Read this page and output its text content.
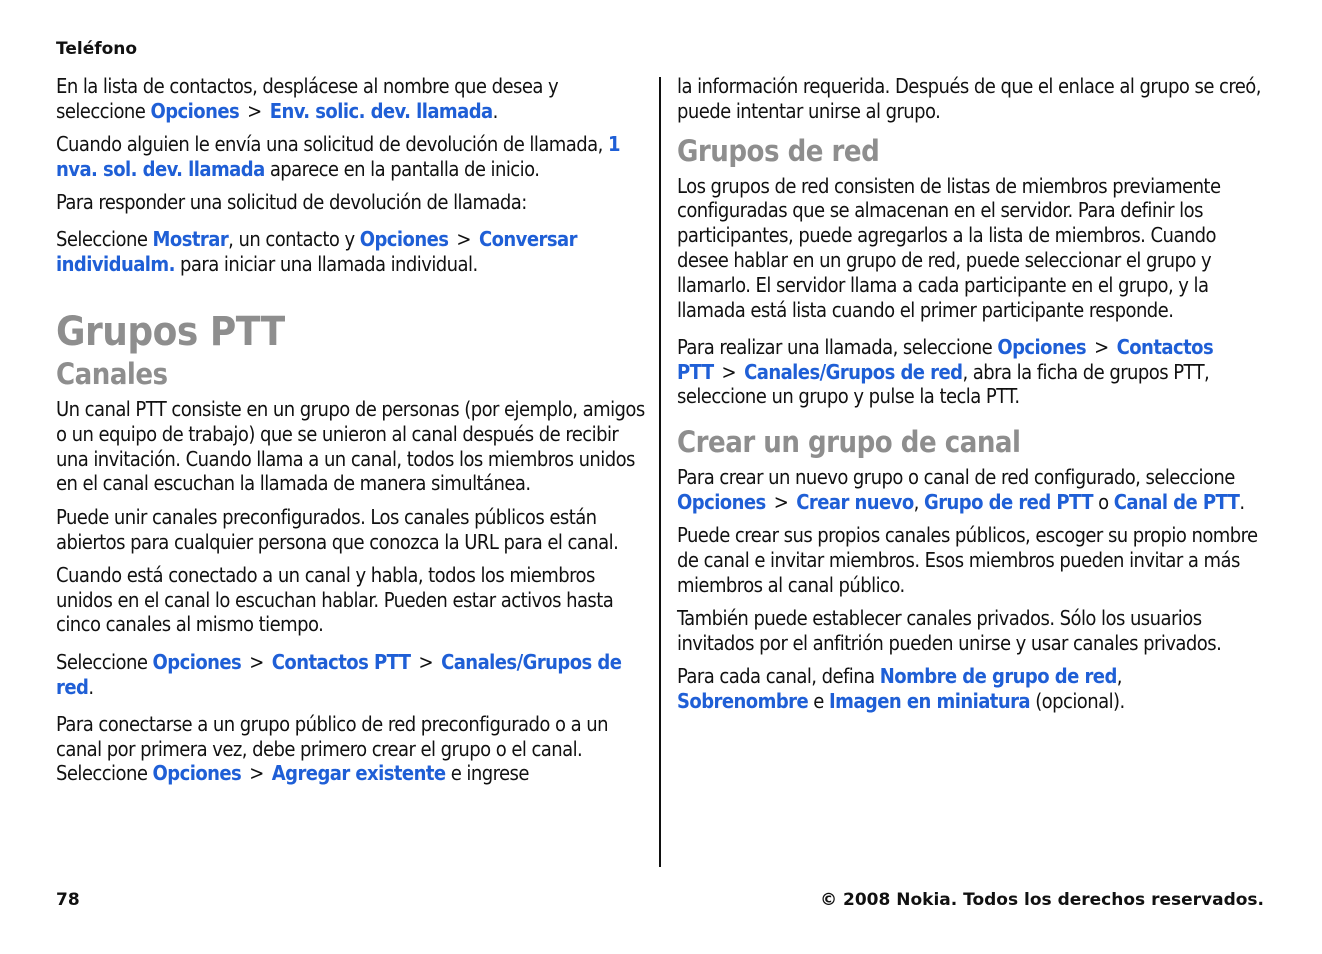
Teléfono

En la lista de contactos, desplácese al nombre que desea y seleccione Opciones > Env. solic. dev. llamada.

Cuando alguien le envía una solicitud de devolución de llamada, 1 nva. sol. dev. llamada aparece en la pantalla de inicio.

Para responder una solicitud de devolución de llamada:

Seleccione Mostrar, un contacto y Opciones > Conversar individualm. para iniciar una llamada individual.

Grupos PTT
Canales

Un canal PTT consiste en un grupo de personas (por ejemplo, amigos o un equipo de trabajo) que se unieron al canal después de recibir una invitación. Cuando llama a un canal, todos los miembros unidos en el canal escuchan la llamada de manera simultánea.

Puede unir canales preconfigurados. Los canales públicos están abiertos para cualquier persona que conozca la URL para el canal.

Cuando está conectado a un canal y habla, todos los miembros unidos en el canal lo escuchan hablar. Pueden estar activos hasta cinco canales al mismo tiempo.

Seleccione Opciones > Contactos PTT > Canales/Grupos de red.

Para conectarse a un grupo público de red preconfigurado o a un canal por primera vez, debe primero crear el grupo o el canal. Seleccione Opciones > Agregar existente e ingrese

la información requerida. Después de que el enlace al grupo se creó, puede intentar unirse al grupo.

Grupos de red

Los grupos de red consisten de listas de miembros previamente configuradas que se almacenan en el servidor. Para definir los participantes, puede agregarlos a la lista de miembros. Cuando desee hablar en un grupo de red, puede seleccionar el grupo y llamarlo. El servidor llama a cada participante en el grupo, y la llamada está lista cuando el primer participante responde.

Para realizar una llamada, seleccione Opciones > Contactos PTT > Canales/Grupos de red, abra la ficha de grupos PTT, seleccione un grupo y pulse la tecla PTT.

Crear un grupo de canal

Para crear un nuevo grupo o canal de red configurado, seleccione Opciones > Crear nuevo, Grupo de red PTT o Canal de PTT.

Puede crear sus propios canales públicos, escoger su propio nombre de canal e invitar miembros. Esos miembros pueden invitar a más miembros al canal público.

También puede establecer canales privados. Sólo los usuarios invitados por el anfitrión pueden unirse y usar canales privados.

Para cada canal, defina Nombre de grupo de red,
Sobrenombre e Imagen en miniatura (opcional).

78	© 2008 Nokia. Todos los derechos reservados.
